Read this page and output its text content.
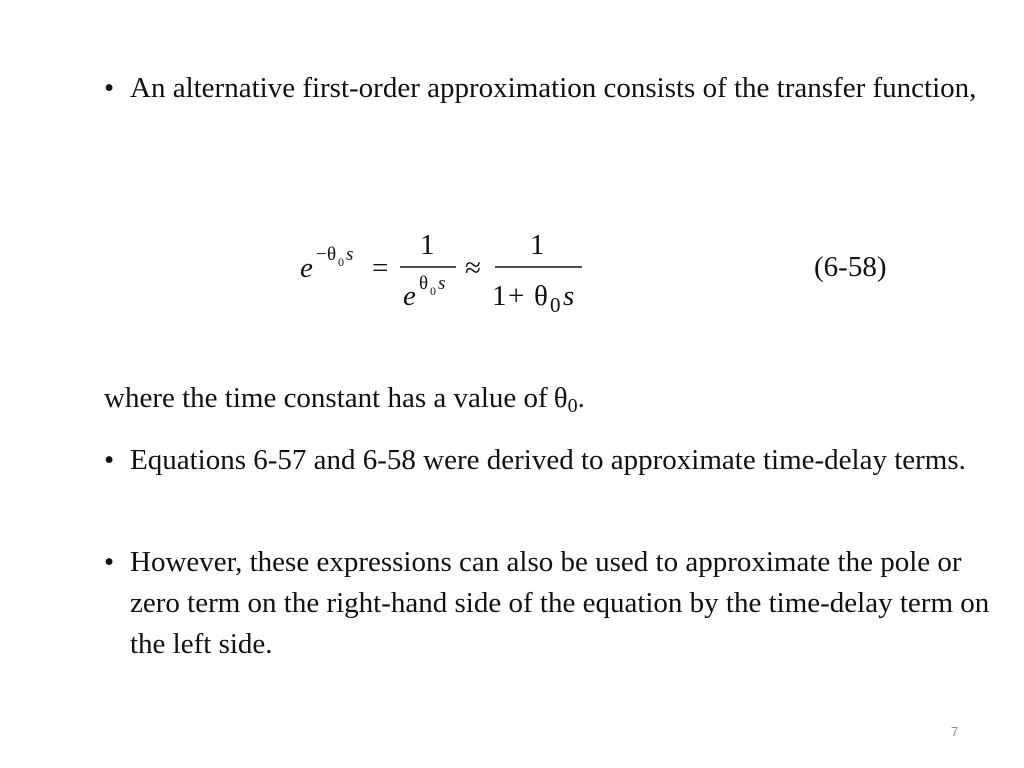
• An alternative first-order approximation consists of the transfer function,
e − θ 0 s =
1
e θ 0 s ≈
1
1 + θ 0 s
(6-58)
where the time constant has a value of $\theta_0$.
• Equations 6-57 and 6-58 were derived to approximate time-delay terms.
• However, these expressions can also be used to approximate the pole or zero term on the right-hand side of the equation by the time-delay term on the left side.
7
